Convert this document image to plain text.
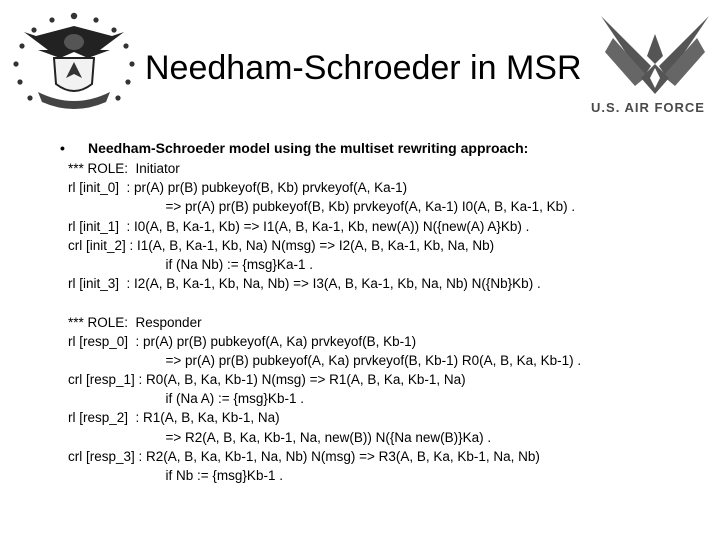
U.S. AIR FORCE
Needham-Schroeder in MSR
• Needham-Schroeder model using the multiset rewriting approach:
*** ROLE:  Initiator
rl [init_0]  : pr(A) pr(B) pubkeyof(B, Kb) prvkeyof(A, Ka-1)
=> pr(A) pr(B) pubkeyof(B, Kb) prvkeyof(A, Ka-1) I0(A, B, Ka-1, Kb) .
rl [init_1]  : I0(A, B, Ka-1, Kb) => I1(A, B, Ka-1, Kb, new(A)) N({new(A) A}Kb) .
crl [init_2] : I1(A, B, Ka-1, Kb, Na) N(msg) => I2(A, B, Ka-1, Kb, Na, Nb)
if (Na Nb) := {msg}Ka-1 .
rl [init_3]  : I2(A, B, Ka-1, Kb, Na, Nb) => I3(A, B, Ka-1, Kb, Na, Nb) N({Nb}Kb) .
*** ROLE:  Responder
rl [resp_0]  : pr(A) pr(B) pubkeyof(A, Ka) prvkeyof(B, Kb-1)
=> pr(A) pr(B) pubkeyof(A, Ka) prvkeyof(B, Kb-1) R0(A, B, Ka, Kb-1) .
crl [resp_1] : R0(A, B, Ka, Kb-1) N(msg) => R1(A, B, Ka, Kb-1, Na)
if (Na A) := {msg}Kb-1 .
rl [resp_2]  : R1(A, B, Ka, Kb-1, Na)
=> R2(A, B, Ka, Kb-1, Na, new(B)) N({Na new(B)}Ka) .
crl [resp_3] : R2(A, B, Ka, Kb-1, Na, Nb) N(msg) => R3(A, B, Ka, Kb-1, Na, Nb)
if Nb := {msg}Kb-1 .
